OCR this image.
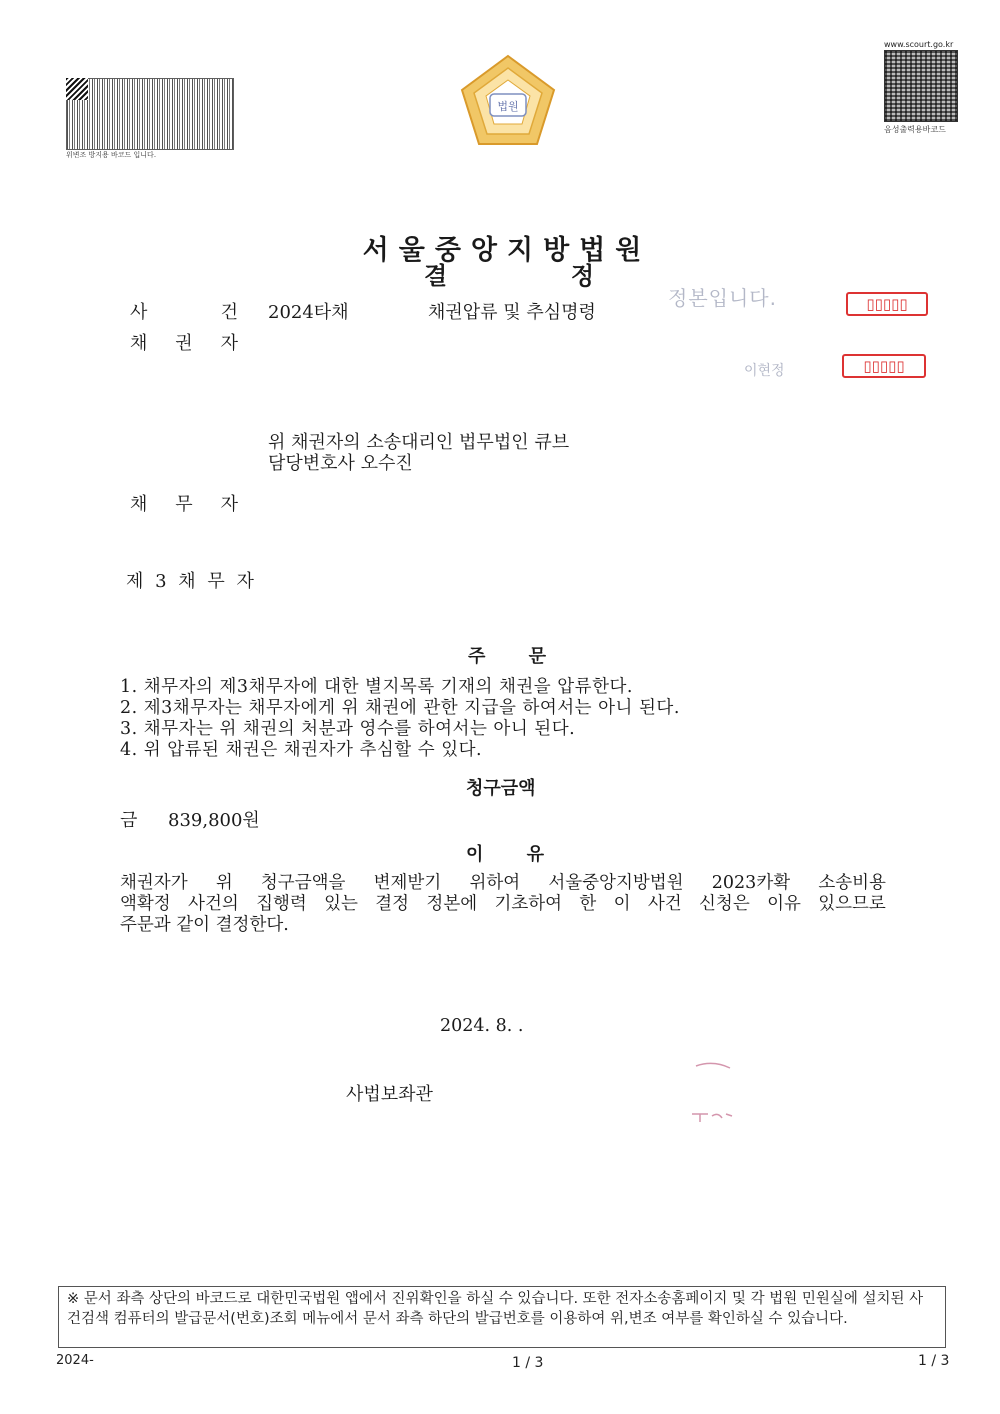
위변조 방지용 바코드 입니다.
www.scourt.go.kr
음성출력용바코드
법원
서울중앙지방법원
결	정
사	건 2024타채	채권압류 및 추심명령
정본입니다.	▯▯▯▯▯
이현정	▯▯▯▯▯
채 권 자
위 채권자의 소송대리인 법무법인 큐브
담당변호사 오수진
채 무 자
제 3 채 무 자
주 문
1. 채무자의 제3채무자에 대한 별지목록 기재의 채권을 압류한다.
2. 제3채무자는 채무자에게 위 채권에 관한 지급을 하여서는 아니 된다.
3. 채무자는 위 채권의 처분과 영수를 하여서는 아니 된다.
4. 위 압류된 채권은 채권자가 추심할 수 있다.
청구금액
금 839,800원
이 유
채권자가 위 청구금액을 변제받기 위하여 서울중앙지방법원 2023카확 소송비용
액확정 사건의 집행력 있는 결정 정본에 기초하여 한 이 사건 신청은 이유 있으므로
주문과 같이 결정한다.
2024. 8. .
사법보좌관
※ 문서 좌측 상단의 바코드로 대한민국법원 앱에서 진위확인을 하실 수 있습니다. 또한 전자소송홈페이지 및 각 법원 민원실에 설치된 사건검색 컴퓨터의 발급문서(번호)조회 메뉴에서 문서 좌측 하단의 발급번호를 이용하여 위,변조 여부를 확인하실 수 있습니다.
2024-	1 / 3	1 / 3
